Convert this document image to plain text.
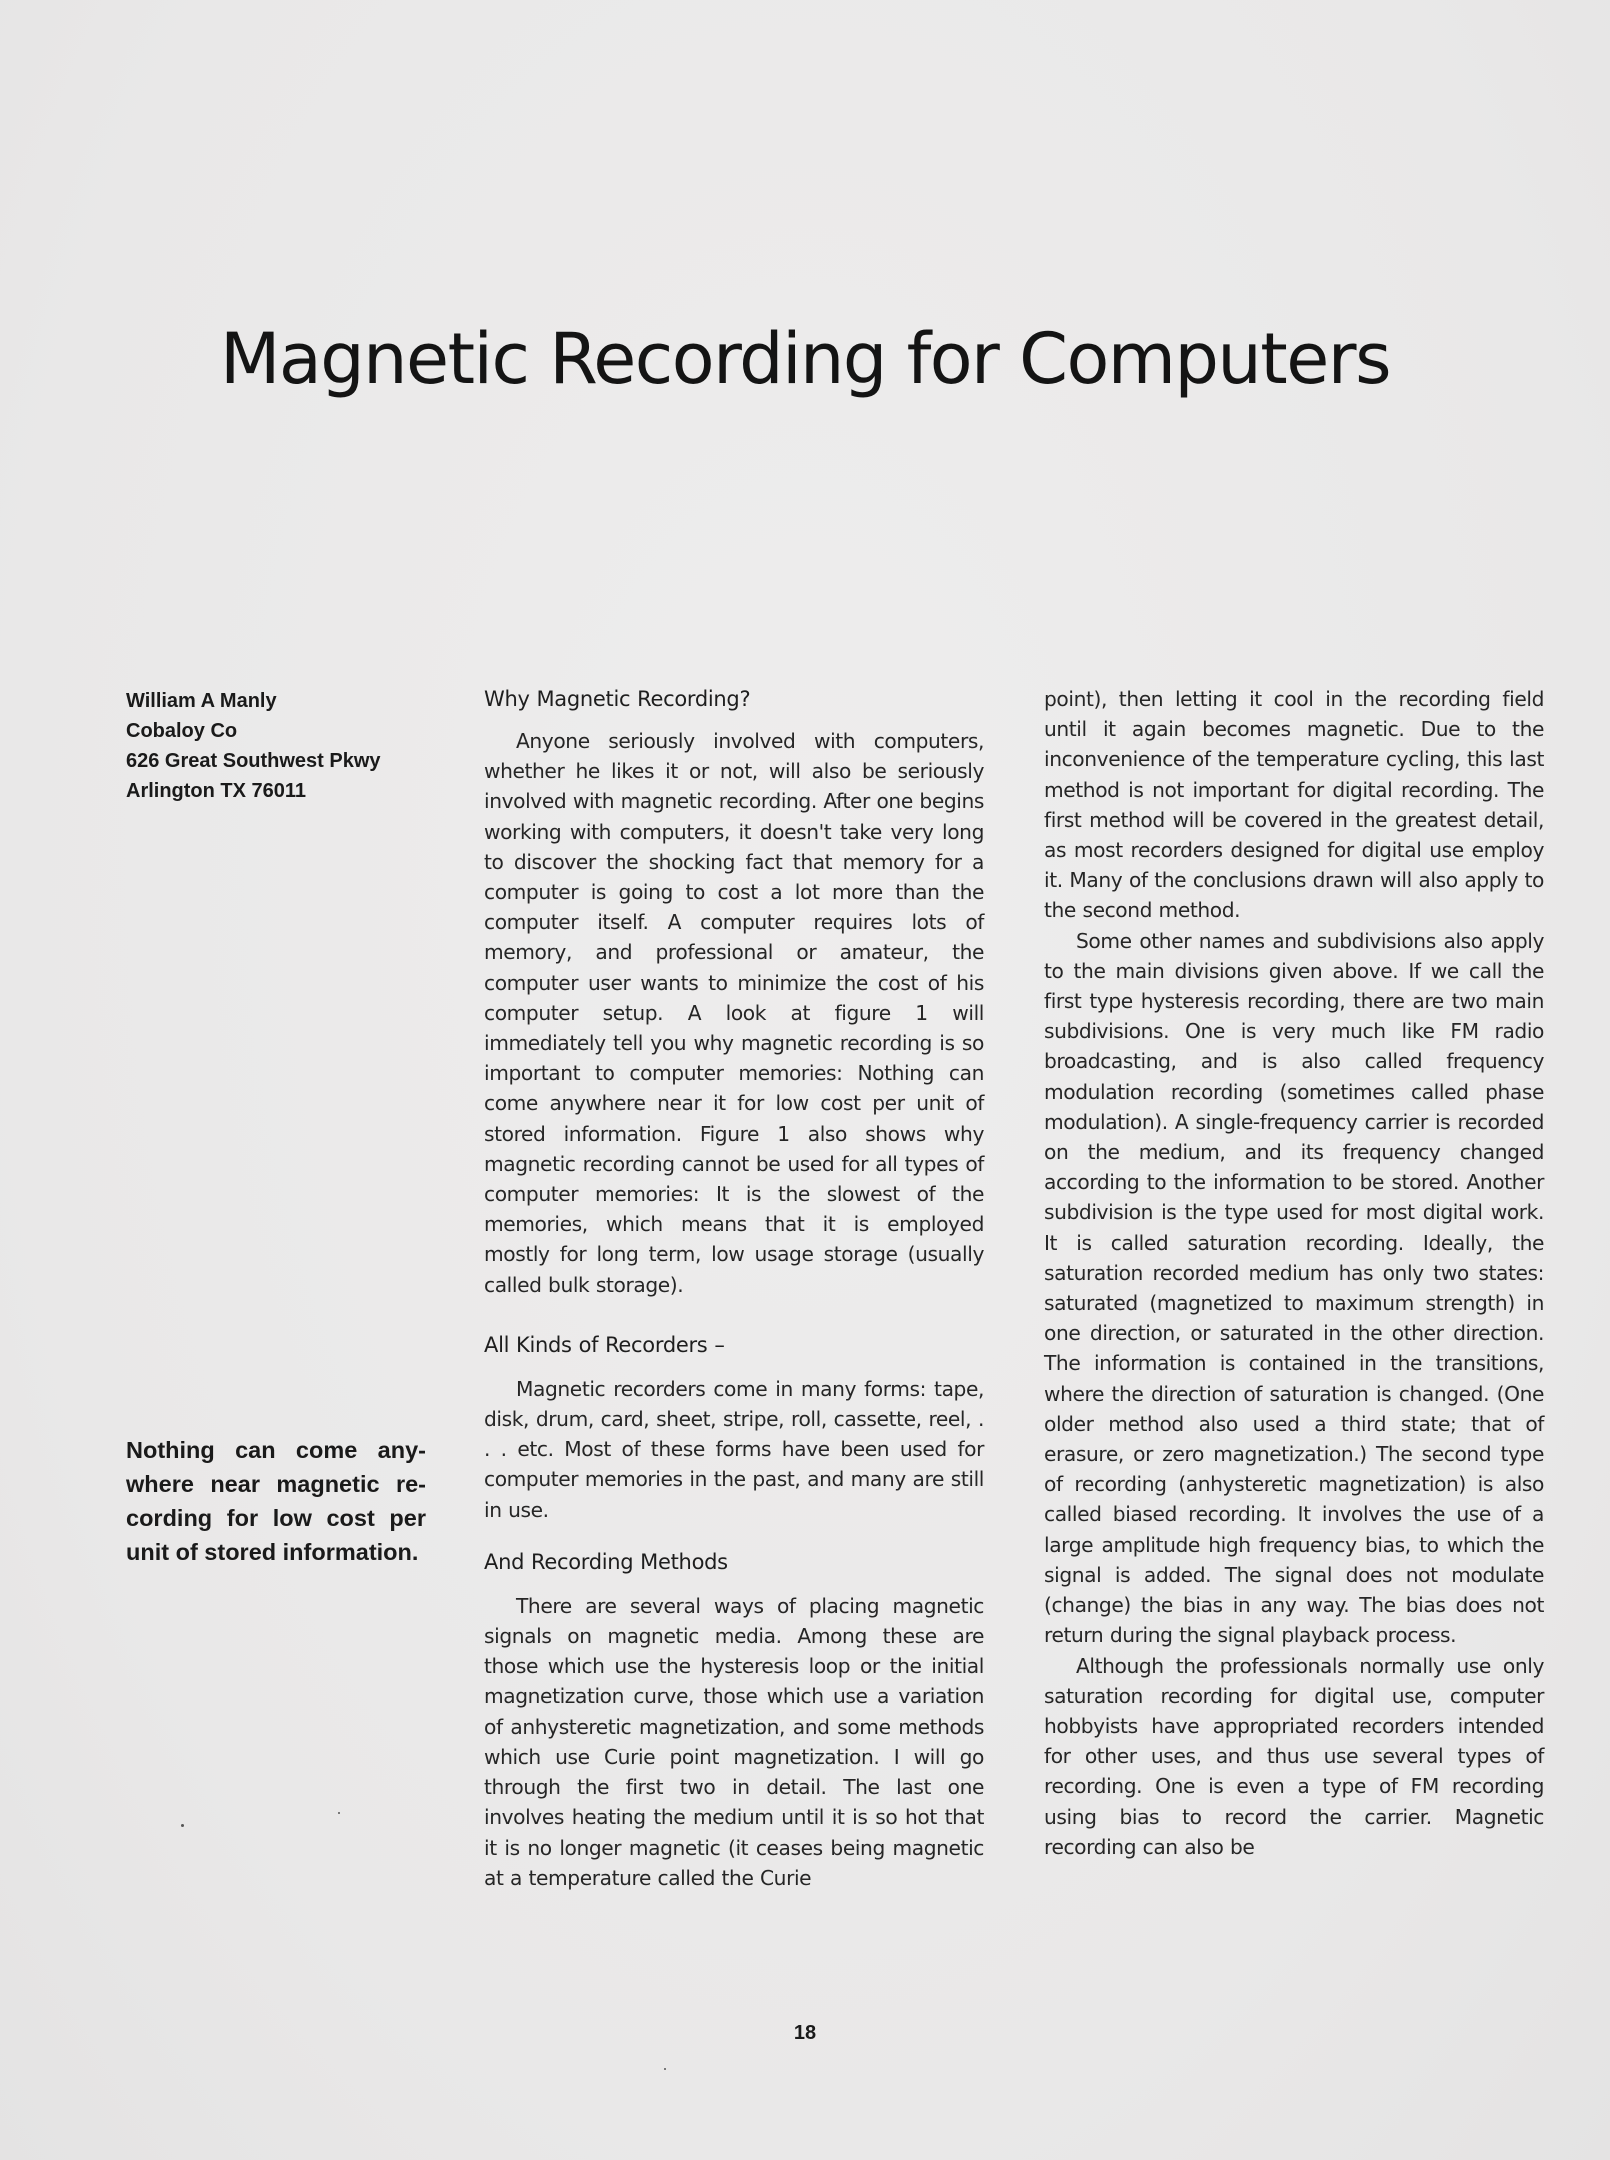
Magnetic Recording for Computers
William A Manly
Cobaloy Co
626 Great Southwest Pkwy
Arlington TX 76011
Nothing can come anywhere near magnetic recording for low cost per unit of stored information.
Why Magnetic Recording?

Anyone seriously involved with computers, whether he likes it or not, will also be seriously involved with magnetic recording. After one begins working with computers, it doesn't take very long to discover the shocking fact that memory for a computer is going to cost a lot more than the computer itself. A computer requires lots of memory, and professional or amateur, the computer user wants to minimize the cost of his computer setup. A look at figure 1 will immediately tell you why magnetic recording is so important to computer memories: Nothing can come anywhere near it for low cost per unit of stored information. Figure 1 also shows why magnetic recording cannot be used for all types of computer memories: It is the slowest of the memories, which means that it is employed mostly for long term, low usage storage (usually called bulk storage).

All Kinds of Recorders –

Magnetic recorders come in many forms: tape, disk, drum, card, sheet, stripe, roll, cassette, reel, . . . etc. Most of these forms have been used for computer memories in the past, and many are still in use.

And Recording Methods

There are several ways of placing magnetic signals on magnetic media. Among these are those which use the hysteresis loop or the initial magnetization curve, those which use a variation of anhysteretic magnetization, and some methods which use Curie point magnetization. I will go through the first two in detail. The last one involves heating the medium until it is so hot that it is no longer magnetic (it ceases being magnetic at a temperature called the Curie

point), then letting it cool in the recording field until it again becomes magnetic. Due to the inconvenience of the temperature cycling, this last method is not important for digital recording. The first method will be covered in the greatest detail, as most recorders designed for digital use employ it. Many of the conclusions drawn will also apply to the second method.

Some other names and subdivisions also apply to the main divisions given above. If we call the first type hysteresis recording, there are two main subdivisions. One is very much like FM radio broadcasting, and is also called frequency modulation recording (sometimes called phase modulation). A single-frequency carrier is recorded on the medium, and its frequency changed according to the information to be stored. Another subdivision is the type used for most digital work. It is called saturation recording. Ideally, the saturation recorded medium has only two states: saturated (magnetized to maximum strength) in one direction, or saturated in the other direction. The information is contained in the transitions, where the direction of saturation is changed. (One older method also used a third state; that of erasure, or zero magnetization.) The second type of recording (anhysteretic magnetization) is also called biased recording. It involves the use of a large amplitude high frequency bias, to which the signal is added. The signal does not modulate (change) the bias in any way. The bias does not return during the signal playback process.

Although the professionals normally use only saturation recording for digital use, computer hobbyists have appropriated recorders intended for other uses, and thus use several types of recording. One is even a type of FM recording using bias to record the carrier. Magnetic recording can also be

18
